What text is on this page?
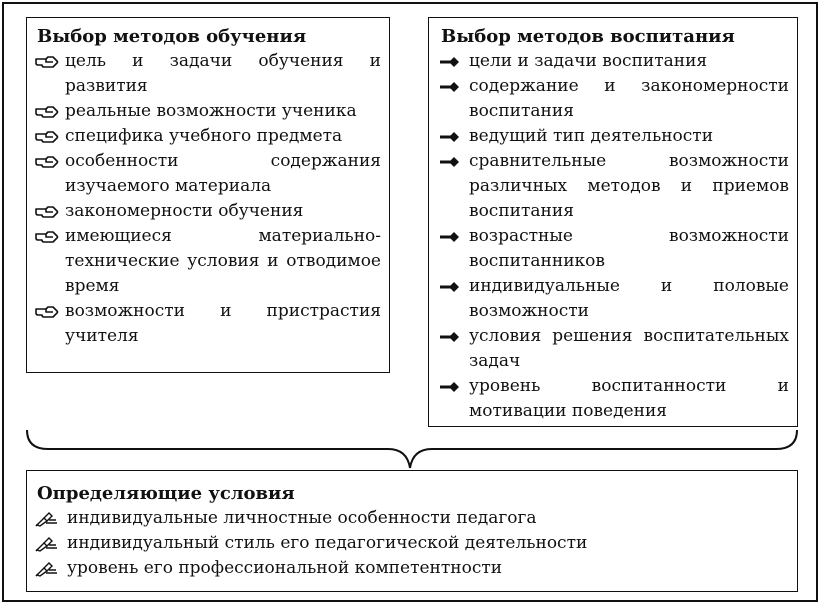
Выбор методов обучения
цель и задачи обучения и развития
реальные возможности ученика
специфика учебного предмета
особенности содержания изучаемого материала
закономерности обучения
имеющиеся материально-технические условия и отводимое время
возможности и пристрастия учителя
Выбор методов воспитания
цели и задачи воспитания
содержание и закономерности воспитания
ведущий тип деятельности
сравнительные возможности различных методов и приемов воспитания
возрастные возможности воспитанников
индивидуальные и половые возможности
условия решения воспитательных задач
уровень воспитанности и мотивации поведения
Определяющие условия
индивидуальные личностные особенности педагога
индивидуальный стиль его педагогической деятельности
уровень его профессиональной компетентности
